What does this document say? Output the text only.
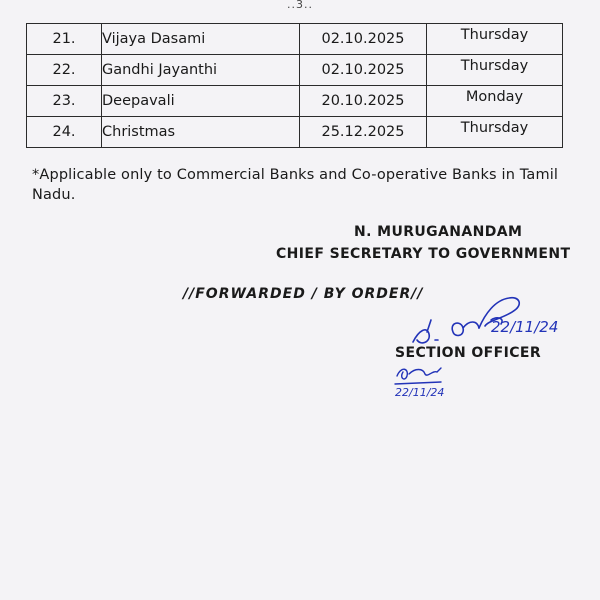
..3..
21.	Vijaya Dasami	02.10.2025	Thursday
22.	Gandhi Jayanthi	02.10.2025	Thursday
23.	Deepavali	20.10.2025	Monday
24.	Christmas	25.12.2025	Thursday
*Applicable only to Commercial Banks and Co-operative Banks in Tamil Nadu.
N. MURUGANANDAM
CHIEF SECRETARY TO GOVERNMENT
//FORWARDED / BY ORDER//
22/11/24
SECTION OFFICER
22/11/24
